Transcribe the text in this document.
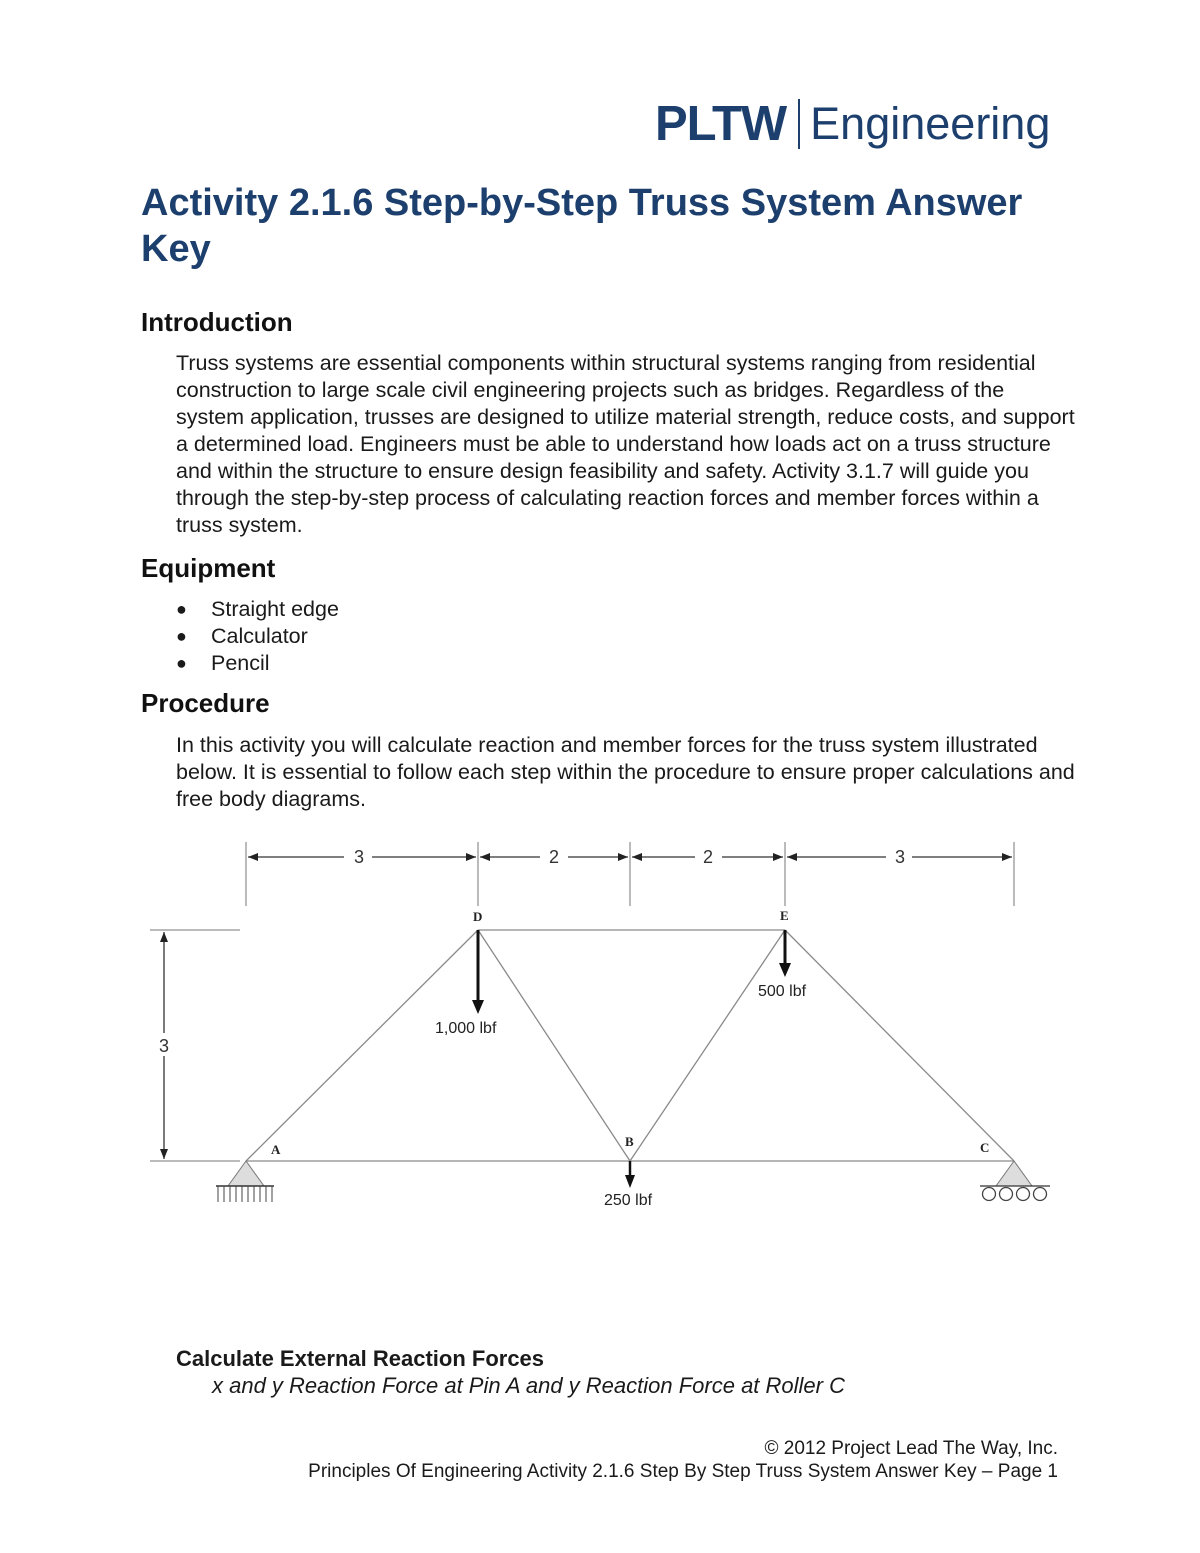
PLTW Engineering
Activity 2.1.6 Step-by-Step Truss System Answer Key
Introduction

Truss systems are essential components within structural systems ranging from residential construction to large scale civil engineering projects such as bridges. Regardless of the system application, trusses are designed to utilize material strength, reduce costs, and support a determined load. Engineers must be able to understand how loads act on a truss structure and within the structure to ensure design feasibility and safety. Activity 3.1.7 will guide you through the step-by-step process of calculating reaction forces and member forces within a truss system.

Equipment
●	Straight edge
●	Calculator
●	Pencil
Procedure

In this activity you will calculate reaction and member forces for the truss system illustrated below. It is essential to follow each step within the procedure to ensure proper calculations and free body diagrams.

3	2	2	3
3
D	E
A
B	C
1,000 lbf
500 lbf
250 lbf
Calculate External Reaction Forces

x and y Reaction Force at Pin A and y Reaction Force at Roller C

© 2012 Project Lead The Way, Inc.
Principles Of Engineering Activity 2.1.6 Step By Step Truss System Answer Key – Page 1
